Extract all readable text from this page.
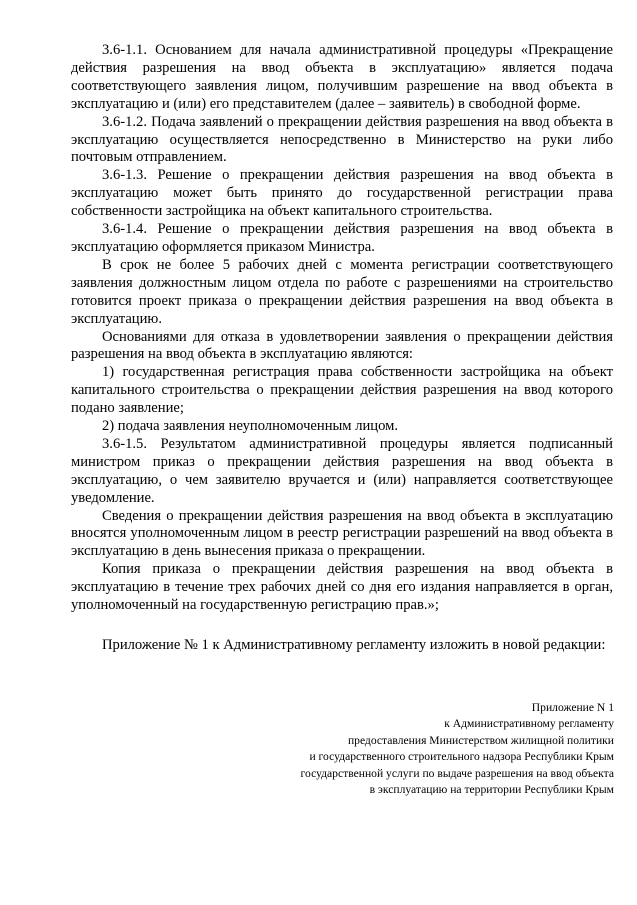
3.6-1.1. Основанием для начала административной процедуры «Прекращение действия разрешения на ввод объекта в эксплуатацию» является подача соответствующего заявления лицом, получившим разрешение на ввод объекта в эксплуатацию и (или) его представителем (далее – заявитель) в свободной форме.

3.6-1.2. Подача заявлений о прекращении действия разрешения на ввод объекта в эксплуатацию осуществляется непосредственно в Министерство на руки либо почтовым отправлением.

3.6-1.3. Решение о прекращении действия разрешения на ввод объекта в эксплуатацию может быть принято до государственной регистрации права собственности застройщика на объект капитального строительства.

3.6-1.4. Решение о прекращении действия разрешения на ввод объекта в эксплуатацию оформляется приказом Министра.

В срок не более 5 рабочих дней с момента регистрации соответствующего заявления должностным лицом отдела по работе с разрешениями на строительство готовится проект приказа о прекращении действия разрешения на ввод объекта в эксплуатацию.

Основаниями для отказа в удовлетворении заявления о прекращении действия разрешения на ввод объекта в эксплуатацию являются:

1) государственная регистрация права собственности застройщика на объект капитального строительства о прекращении действия разрешения на ввод которого подано заявление;

2) подача заявления неуполномоченным лицом.

3.6-1.5. Результатом административной процедуры является подписанный министром приказ о прекращении действия разрешения на ввод объекта в эксплуатацию, о чем заявителю вручается и (или) направляется соответствующее уведомление.

Сведения о прекращении действия разрешения на ввод объекта в эксплуатацию вносятся уполномоченным лицом в реестр регистрации разрешений на ввод объекта в эксплуатацию в день вынесения приказа о прекращении.

Копия приказа о прекращении действия разрешения на ввод объекта в эксплуатацию в течение трех рабочих дней со дня его издания направляется в орган, уполномоченный на государственную регистрацию прав.»;

Приложение № 1 к Административному регламенту изложить в новой редакции:

Приложение N 1
к Административному регламенту
предоставления Министерством жилищной политики
и государственного строительного надзора Республики Крым
государственной услуги по выдаче разрешения на ввод объекта
в эксплуатацию на территории Республики Крым
